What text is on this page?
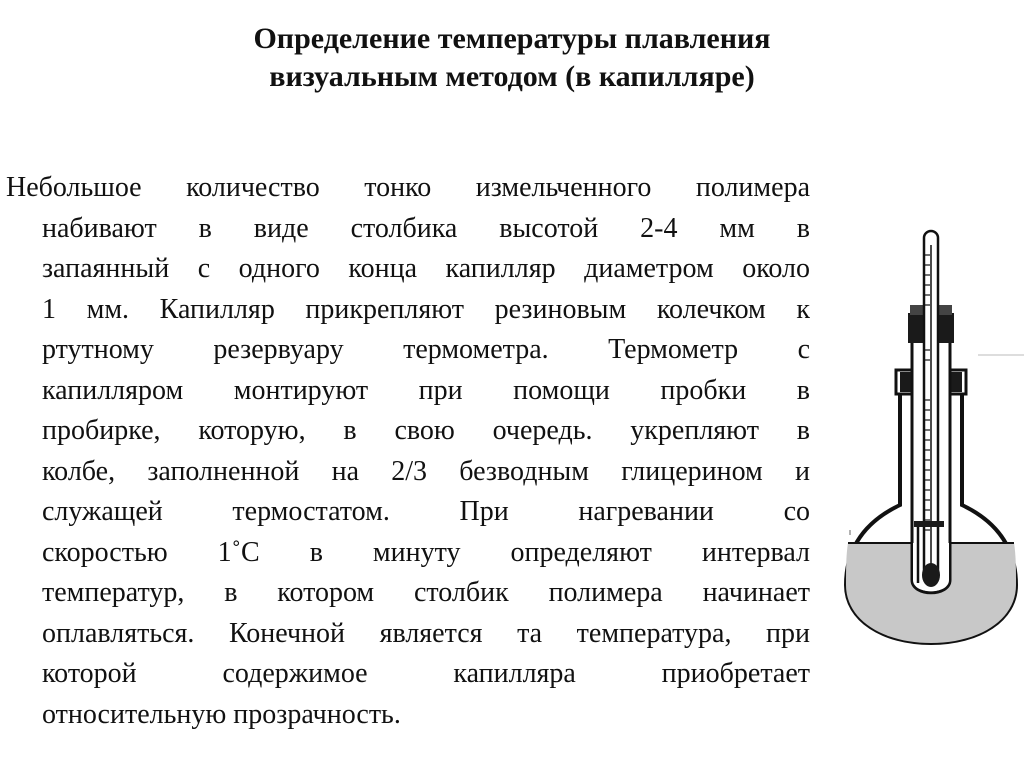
Определение температуры плавления
визуальным методом (в капилляре)
Небольшое количество тонко измельченного полимера
набивают в виде столбика высотой 2-4 мм в
запаянный с одного конца капилляр диаметром около
1 мм. Капилляр прикрепляют резиновым колечком к
ртутному резервуару термометра. Термометр с
капилляром монтируют при помощи пробки в
пробирке, которую, в свою очередь. укрепляют в
колбе, заполненной на 2/3 безводным глицерином и
служащей термостатом. При нагревании со
скоростью 1˚С в минуту определяют интервал
температур, в котором столбик полимера начинает
оплавляться. Конечной является та температура, при
которой содержимое капилляра приобретает
относительную прозрачность.
